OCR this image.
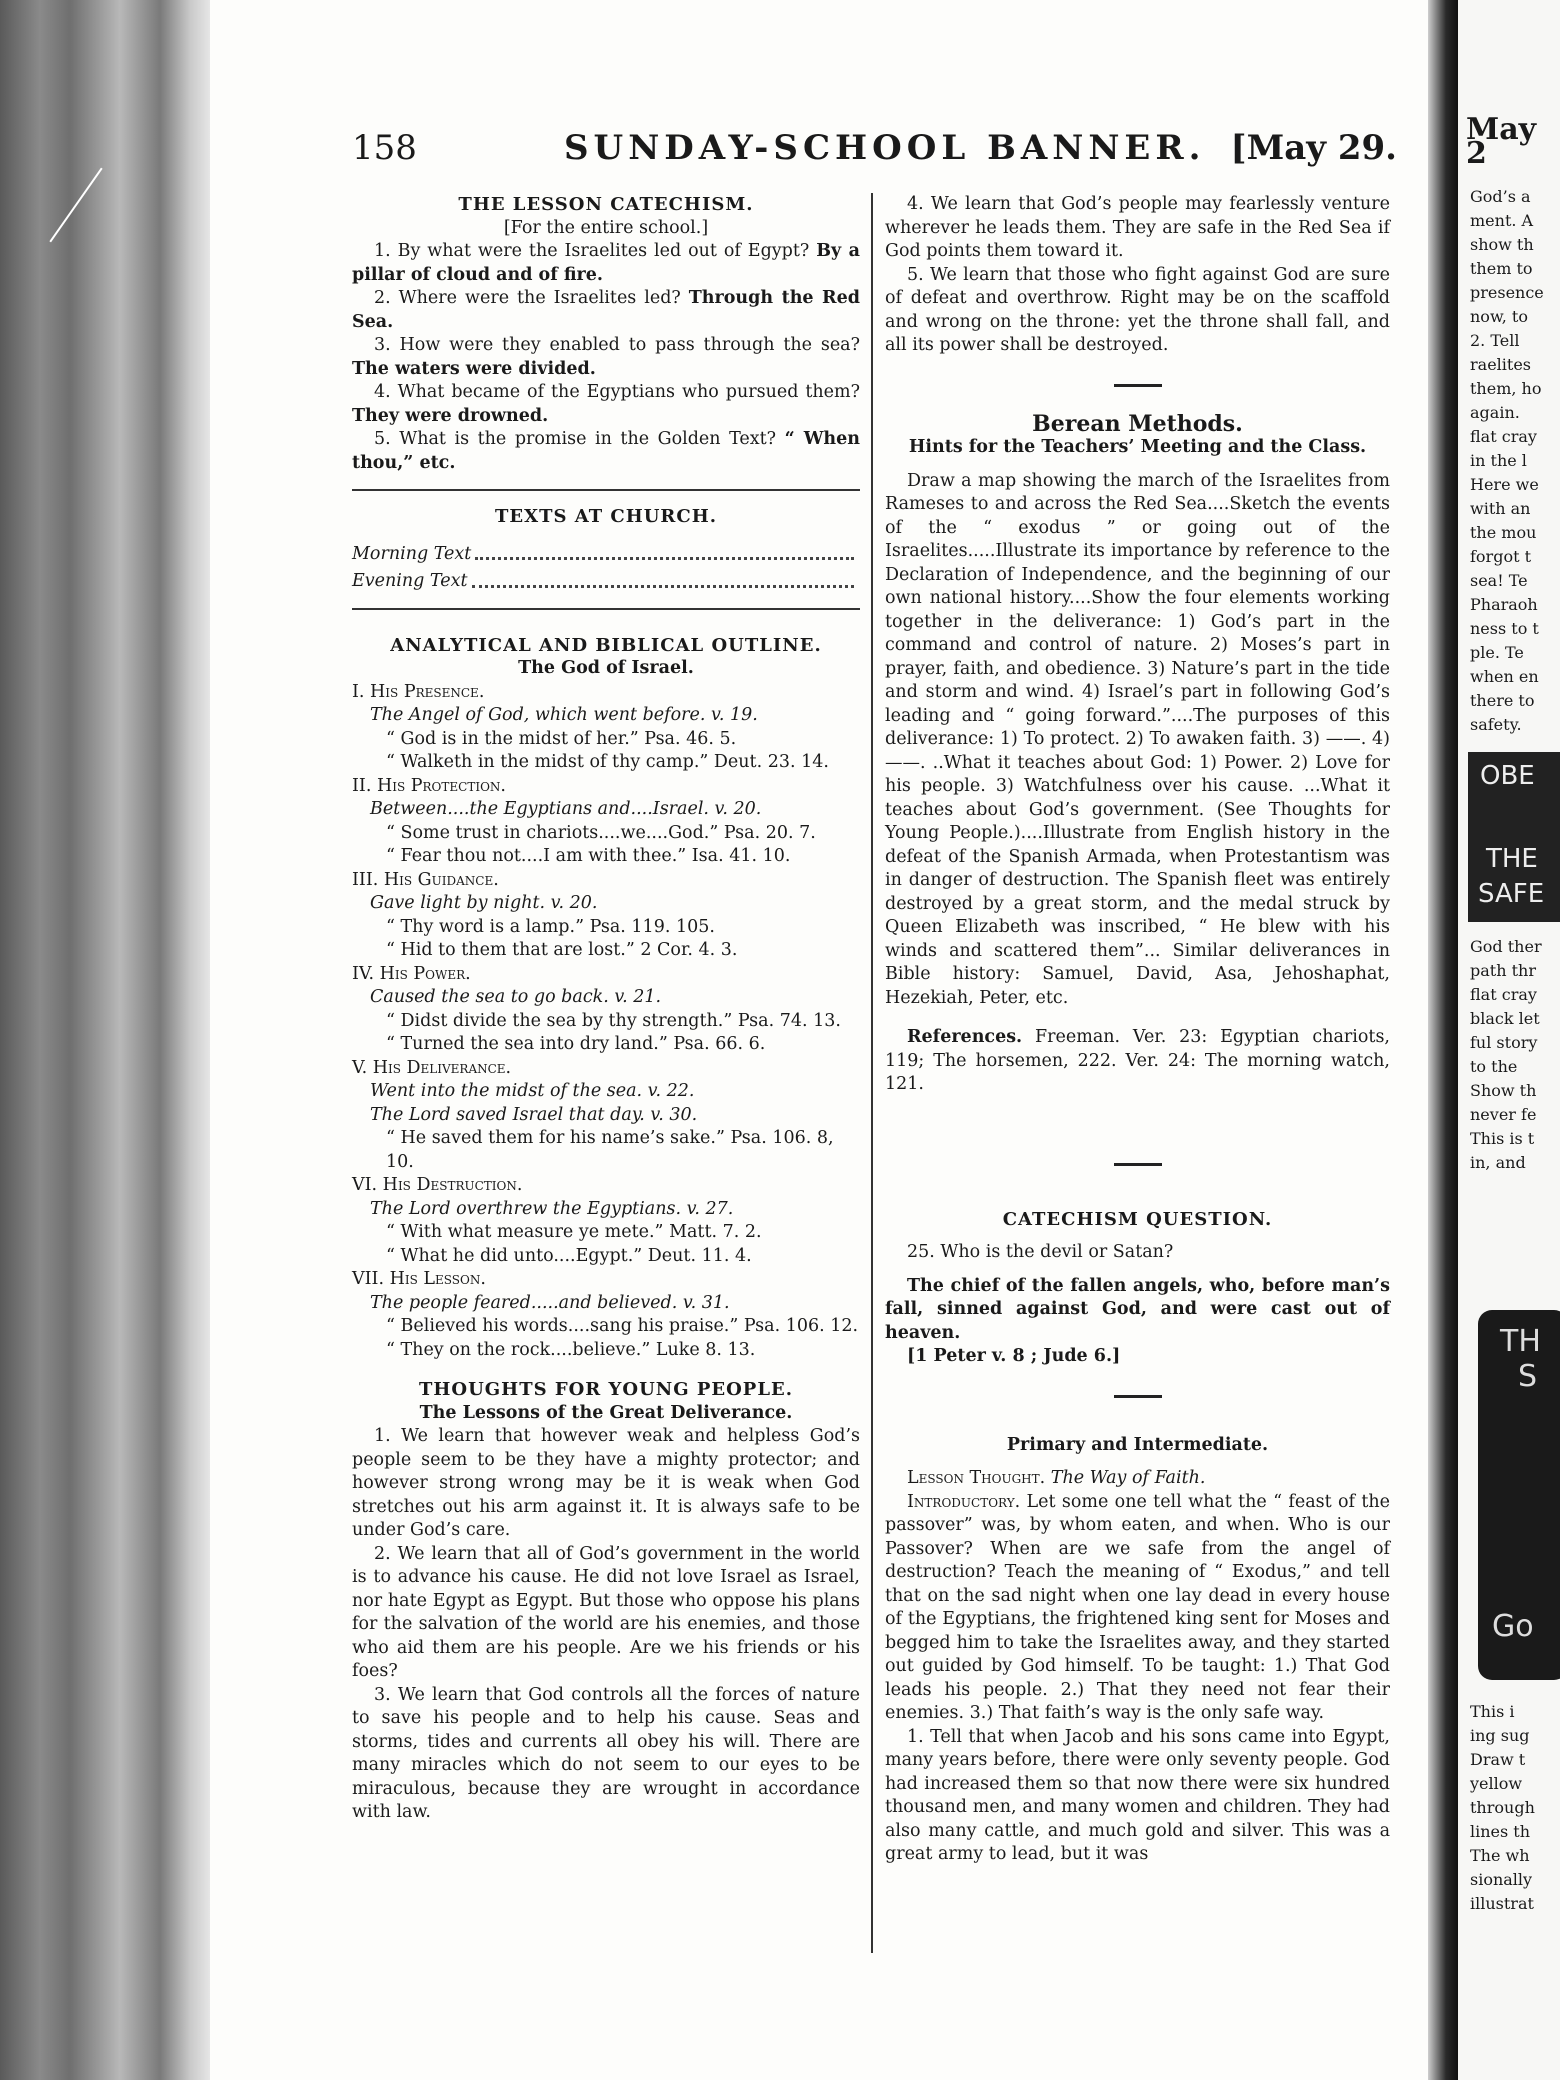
May 2
God’s a
ment. A
show th
them to
presence
now, to
2. Tell
raelites
them, ho
again.
flat cray
in the l
Here we
with an
the mou
forgot t
sea! Te
Pharaoh
ness to t
ple. Te
when en
there to
safety.
OBE
THE
SAFE
God ther
path thr
flat cray
black let
ful story
to the
Show th
never fe
This is t
in, and
TH
S
Go
This i
ing sug
Draw t
yellow
through
lines th
The wh
sionally
illustrat
158	SUNDAY-SCHOOL BANNER. [May 29.
THE LESSON CATECHISM.
[For the entire school.]

1. By what were the Israelites led out of Egypt? By a pillar of cloud and of fire.

2. Where were the Israelites led? Through the Red Sea.

3. How were they enabled to pass through the sea? The waters were divided.

4. What became of the Egyptians who pursued them? They were drowned.

5. What is the promise in the Golden Text? “ When thou,” etc.

TEXTS AT CHURCH.
Morning Text
Evening Text
ANALYTICAL AND BIBLICAL OUTLINE.
The God of Israel.
I. His Presence.
The Angel of God, which went before. v. 19.
“ God is in the midst of her.” Psa. 46. 5.
“ Walketh in the midst of thy camp.” Deut. 23. 14.
II. His Protection.
Between....the Egyptians and....Israel. v. 20.
“ Some trust in chariots....we....God.” Psa. 20. 7.
“ Fear thou not....I am with thee.” Isa. 41. 10.
III. His Guidance.
Gave light by night. v. 20.
“ Thy word is a lamp.” Psa. 119. 105.
“ Hid to them that are lost.” 2 Cor. 4. 3.
IV. His Power.
Caused the sea to go back. v. 21.
“ Didst divide the sea by thy strength.” Psa. 74. 13.
“ Turned the sea into dry land.” Psa. 66. 6.
V. His Deliverance.
Went into the midst of the sea. v. 22.
The Lord saved Israel that day. v. 30.
“ He saved them for his name’s sake.” Psa. 106. 8, 10.
VI. His Destruction.
The Lord overthrew the Egyptians. v. 27.
“ With what measure ye mete.” Matt. 7. 2.
“ What he did unto....Egypt.” Deut. 11. 4.
VII. His Lesson.
The people feared.....and believed. v. 31.
“ Believed his words....sang his praise.” Psa. 106. 12.
“ They on the rock....believe.” Luke 8. 13.
THOUGHTS FOR YOUNG PEOPLE.
The Lessons of the Great Deliverance.

1. We learn that however weak and helpless God’s people seem to be they have a mighty protector; and however strong wrong may be it is weak when God stretches out his arm against it. It is always safe to be under God’s care.

2. We learn that all of God’s government in the world is to advance his cause. He did not love Israel as Israel, nor hate Egypt as Egypt. But those who oppose his plans for the salvation of the world are his enemies, and those who aid them are his people. Are we his friends or his foes?

3. We learn that God controls all the forces of nature to save his people and to help his cause. Seas and storms, tides and currents all obey his will. There are many miracles which do not seem to our eyes to be miraculous, because they are wrought in accordance with law.

4. We learn that God’s people may fearlessly venture wherever he leads them. They are safe in the Red Sea if God points them toward it.

5. We learn that those who fight against God are sure of defeat and overthrow. Right may be on the scaffold and wrong on the throne: yet the throne shall fall, and all its power shall be destroyed.

Berean Methods.
Hints for the Teachers’ Meeting and the Class.

Draw a map showing the march of the Israelites from Rameses to and across the Red Sea....Sketch the events of the “ exodus ” or going out of the Israelites.....Illustrate its importance by reference to the Declaration of Independence, and the beginning of our own national history....Show the four elements working together in the deliverance: 1) God’s part in the command and control of nature. 2) Moses’s part in prayer, faith, and obedience. 3) Nature’s part in the tide and storm and wind. 4) Israel’s part in following God’s leading and “ going forward.”....The purposes of this deliverance: 1) To protect. 2) To awaken faith. 3) ——. 4) ——. ..What it teaches about God: 1) Power. 2) Love for his people. 3) Watchfulness over his cause. ...What it teaches about God’s government. (See Thoughts for Young People.)....Illustrate from English history in the defeat of the Spanish Armada, when Protestantism was in danger of destruction. The Spanish fleet was entirely destroyed by a great storm, and the medal struck by Queen Elizabeth was inscribed, “ He blew with his winds and scattered them”... Similar deliverances in Bible history: Samuel, David, Asa, Jehoshaphat, Hezekiah, Peter, etc.

References. Freeman. Ver. 23: Egyptian chariots, 119; The horsemen, 222. Ver. 24: The morning watch, 121.

CATECHISM QUESTION.

25. Who is the devil or Satan?

The chief of the fallen angels, who, before man’s fall, sinned against God, and were cast out of heaven.

[1 Peter v. 8 ; Jude 6.]

Primary and Intermediate.

Lesson Thought. The Way of Faith.

Introductory. Let some one tell what the “ feast of the passover” was, by whom eaten, and when. Who is our Passover? When are we safe from the angel of destruction? Teach the meaning of “ Exodus,” and tell that on the sad night when one lay dead in every house of the Egyptians, the frightened king sent for Moses and begged him to take the Israelites away, and they started out guided by God himself. To be taught: 1.) That God leads his people. 2.) That they need not fear their enemies. 3.) That faith’s way is the only safe way.

1. Tell that when Jacob and his sons came into Egypt, many years before, there were only seventy people. God had increased them so that now there were six hundred thousand men, and many women and children. They had also many cattle, and much gold and silver. This was a great army to lead, but it was
